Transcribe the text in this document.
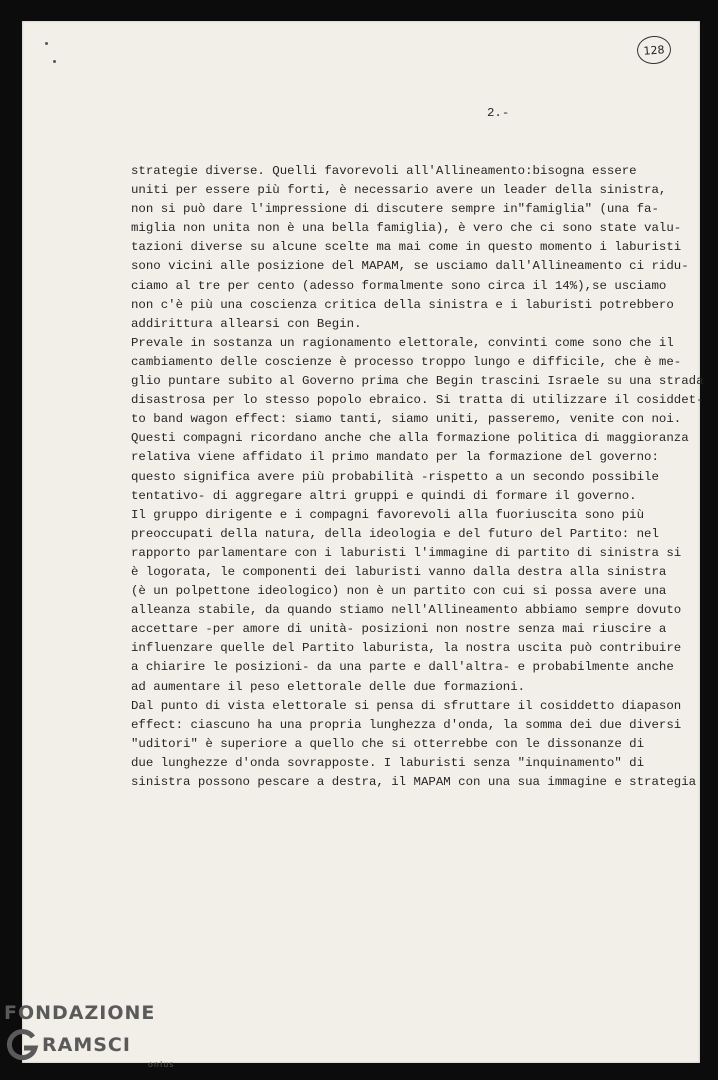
128
2.-
strategie diverse. Quelli favorevoli all'Allineamento:bisogna essere
uniti per essere più forti, è necessario avere un leader della sinistra,
non si può dare l'impressione di discutere sempre in"famiglia" (una fa-
miglia non unita non è una bella famiglia), è vero che ci sono state valu-
tazioni diverse su alcune scelte ma mai come in questo momento i laburisti
sono vicini alle posizione del MAPAM, se usciamo dall'Allineamento ci ridu-
ciamo al tre per cento (adesso formalmente sono circa il 14%),se usciamo
non c'è più una coscienza critica della sinistra e i laburisti potrebbero
addirittura allearsi con Begin.
Prevale in sostanza un ragionamento elettorale, convinti come sono che il
cambiamento delle coscienze è processo troppo lungo e difficile, che è me-
glio puntare subito al Governo prima che Begin trascini Israele su una strada
disastrosa per lo stesso popolo ebraico. Si tratta di utilizzare il cosiddet-
to band wagon effect: siamo tanti, siamo uniti, passeremo, venite con noi.
Questi compagni ricordano anche che alla formazione politica di maggioranza
relativa viene affidato il primo mandato per la formazione del governo:
questo significa avere più probabilità -rispetto a un secondo possibile
tentativo- di aggregare altri gruppi e quindi di formare il governo.
Il gruppo dirigente e i compagni favorevoli alla fuoriuscita sono più
preoccupati della natura, della ideologia e del futuro del Partito: nel
rapporto parlamentare con i laburisti l'immagine di partito di sinistra si
è logorata, le componenti dei laburisti vanno dalla destra alla sinistra
(è un polpettone ideologico) non è un partito con cui si possa avere una
alleanza stabile, da quando stiamo nell'Allineamento abbiamo sempre dovuto
accettare -per amore di unità- posizioni non nostre senza mai riuscire a
influenzare quelle del Partito laburista, la nostra uscita può contribuire
a chiarire le posizioni- da una parte e dall'altra- e probabilmente anche
ad aumentare il peso elettorale delle due formazioni.
Dal punto di vista elettorale si pensa di sfruttare il cosiddetto diapason
effect: ciascuno ha una propria lunghezza d'onda, la somma dei due diversi
"uditori" è superiore a quello che si otterrebbe con le dissonanze di
due lunghezze d'onda sovrapposte. I laburisti senza "inquinamento" di
sinistra possono pescare a destra, il MAPAM con una sua immagine e strategia
FONDAZIONE
RAMSCI
onlus
